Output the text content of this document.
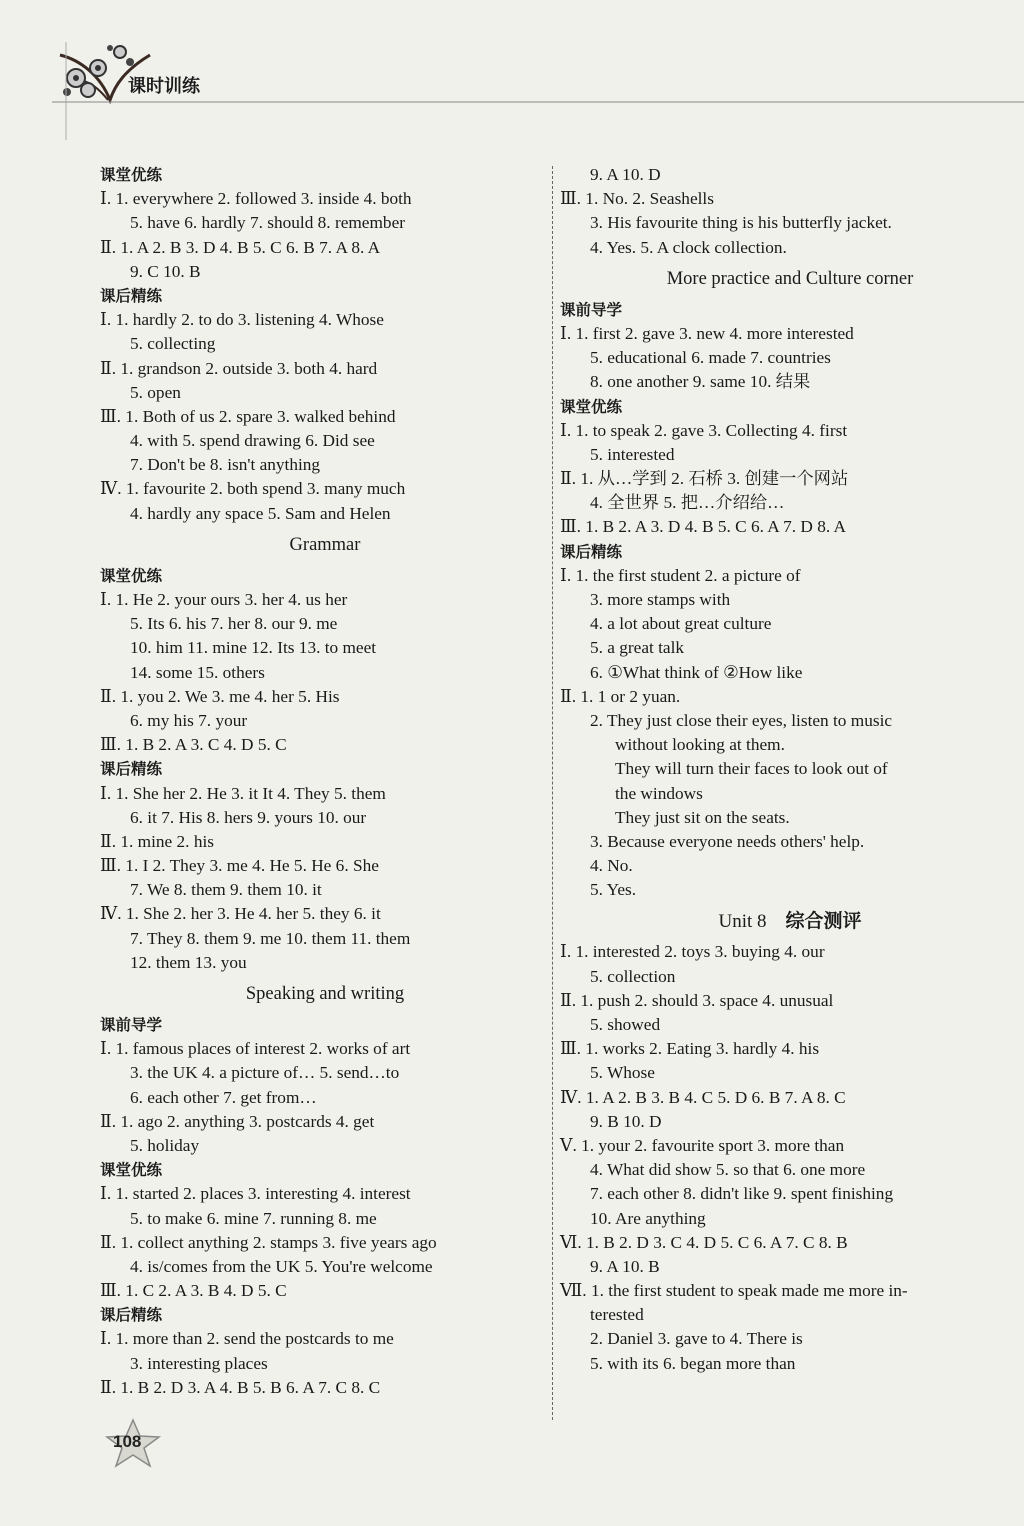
课时训练
课堂优练
Ⅰ. 1. everywhere 2. followed 3. inside 4. both
5. have 6. hardly 7. should 8. remember
Ⅱ. 1. A 2. B 3. D 4. B 5. C 6. B 7. A 8. A
9. C 10. B
课后精练
Ⅰ. 1. hardly 2. to do 3. listening 4. Whose
5. collecting
Ⅱ. 1. grandson 2. outside 3. both 4. hard
5. open
Ⅲ. 1. Both of us 2. spare 3. walked behind
4. with 5. spend drawing 6. Did see
7. Don't be 8. isn't anything
Ⅳ. 1. favourite 2. both spend 3. many much
4. hardly any space 5. Sam and Helen
Grammar
课堂优练
Ⅰ. 1. He 2. your ours 3. her 4. us her
5. Its 6. his 7. her 8. our 9. me
10. him 11. mine 12. Its 13. to meet
14. some 15. others
Ⅱ. 1. you 2. We 3. me 4. her 5. His
6. my his 7. your
Ⅲ. 1. B 2. A 3. C 4. D 5. C
课后精练
Ⅰ. 1. She her 2. He 3. it It 4. They 5. them
6. it 7. His 8. hers 9. yours 10. our
Ⅱ. 1. mine 2. his
Ⅲ. 1. I 2. They 3. me 4. He 5. He 6. She
7. We 8. them 9. them 10. it
Ⅳ. 1. She 2. her 3. He 4. her 5. they 6. it
7. They 8. them 9. me 10. them 11. them
12. them 13. you
Speaking and writing
课前导学
Ⅰ. 1. famous places of interest 2. works of art
3. the UK 4. a picture of… 5. send…to
6. each other 7. get from…
Ⅱ. 1. ago 2. anything 3. postcards 4. get
5. holiday
课堂优练
Ⅰ. 1. started 2. places 3. interesting 4. interest
5. to make 6. mine 7. running 8. me
Ⅱ. 1. collect anything 2. stamps 3. five years ago
4. is/comes from the UK 5. You're welcome
Ⅲ. 1. C 2. A 3. B 4. D 5. C
课后精练
Ⅰ. 1. more than 2. send the postcards to me
3. interesting places
Ⅱ. 1. B 2. D 3. A 4. B 5. B 6. A 7. C 8. C
9. A 10. D
Ⅲ. 1. No. 2. Seashells
3. His favourite thing is his butterfly jacket.
4. Yes. 5. A clock collection.
More practice and Culture corner
课前导学
Ⅰ. 1. first 2. gave 3. new 4. more interested
5. educational 6. made 7. countries
8. one another 9. same 10. 结果
课堂优练
Ⅰ. 1. to speak 2. gave 3. Collecting 4. first
5. interested
Ⅱ. 1. 从…学到 2. 石桥 3. 创建一个网站
4. 全世界 5. 把…介绍给…
Ⅲ. 1. B 2. A 3. D 4. B 5. C 6. A 7. D 8. A
课后精练
Ⅰ. 1. the first student 2. a picture of
3. more stamps with
4. a lot about great culture
5. a great talk
6. ①What think of ②How like
Ⅱ. 1. 1 or 2 yuan.
2. They just close their eyes, listen to music
without looking at them.
They will turn their faces to look out of
the windows
They just sit on the seats.
3. Because everyone needs others' help.
4. No.
5. Yes.
Unit 8  综合测评
Ⅰ. 1. interested 2. toys 3. buying 4. our
5. collection
Ⅱ. 1. push 2. should 3. space 4. unusual
5. showed
Ⅲ. 1. works 2. Eating 3. hardly 4. his
5. Whose
Ⅳ. 1. A 2. B 3. B 4. C 5. D 6. B 7. A 8. C
9. B 10. D
Ⅴ. 1. your 2. favourite sport 3. more than
4. What did show 5. so that 6. one more
7. each other 8. didn't like 9. spent finishing
10. Are anything
Ⅵ. 1. B 2. D 3. C 4. D 5. C 6. A 7. C 8. B
9. A 10. B
Ⅶ. 1. the first student to speak made me more in-
terested
2. Daniel 3. gave to 4. There is
5. with its 6. began more than
108
